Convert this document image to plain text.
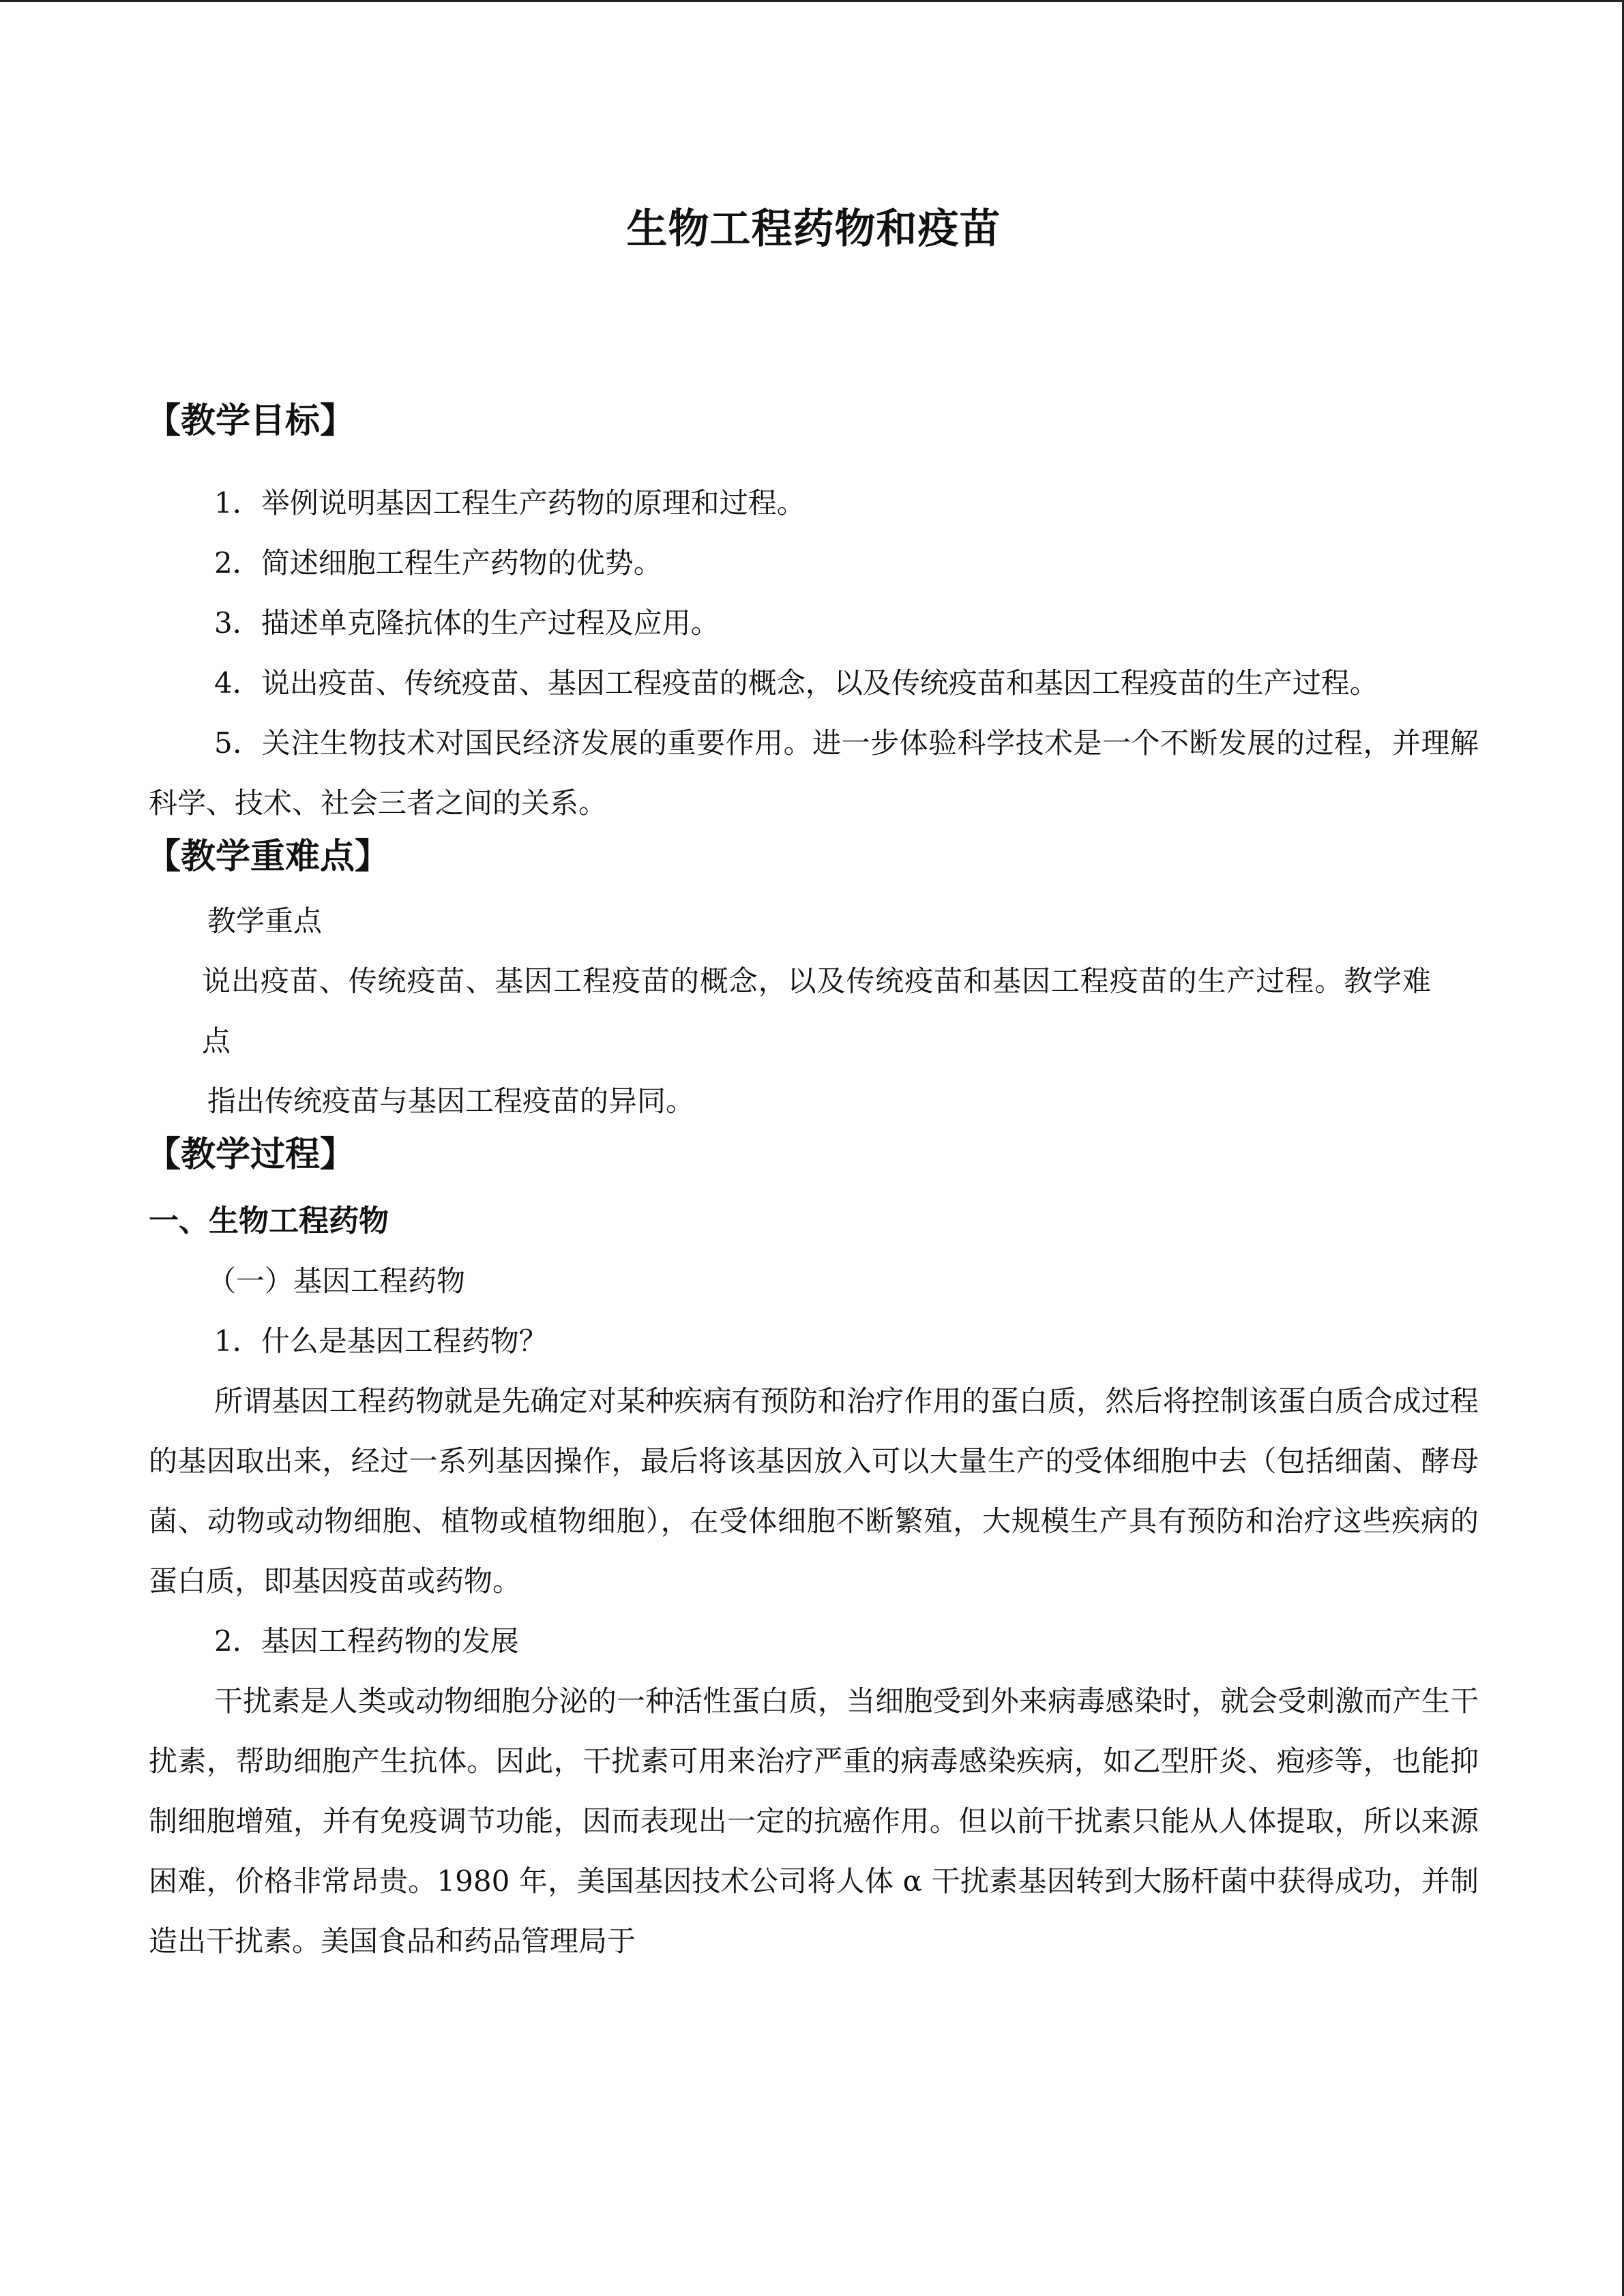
生物工程药物和疫苗
【教学目标】

1．举例说明基因工程生产药物的原理和过程。

2．简述细胞工程生产药物的优势。

3．描述单克隆抗体的生产过程及应用。

4．说出疫苗、传统疫苗、基因工程疫苗的概念，以及传统疫苗和基因工程疫苗的生产过程。

5．关注生物技术对国民经济发展的重要作用。进一步体验科学技术是一个不断发展的过程，并理解科学、技术、社会三者之间的关系。

【教学重难点】

教学重点

说出疫苗、传统疫苗、基因工程疫苗的概念，以及传统疫苗和基因工程疫苗的生产过程。教学难点

指出传统疫苗与基因工程疫苗的异同。

【教学过程】

一、生物工程药物

（一）基因工程药物

1．什么是基因工程药物？

所谓基因工程药物就是先确定对某种疾病有预防和治疗作用的蛋白质，然后将控制该蛋白质合成过程的基因取出来，经过一系列基因操作，最后将该基因放入可以大量生产的受体细胞中去（包括细菌、酵母菌、动物或动物细胞、植物或植物细胞），在受体细胞不断繁殖，大规模生产具有预防和治疗这些疾病的蛋白质，即基因疫苗或药物。

2．基因工程药物的发展

干扰素是人类或动物细胞分泌的一种活性蛋白质，当细胞受到外来病毒感染时，就会受刺激而产生干扰素，帮助细胞产生抗体。因此，干扰素可用来治疗严重的病毒感染疾病，如乙型肝炎、疱疹等，也能抑制细胞增殖，并有免疫调节功能，因而表现出一定的抗癌作用。但以前干扰素只能从人体提取，所以来源困难，价格非常昂贵。1980 年，美国基因技术公司将人体 α 干扰素基因转到大肠杆菌中获得成功，并制造出干扰素。美国食品和药品管理局于
